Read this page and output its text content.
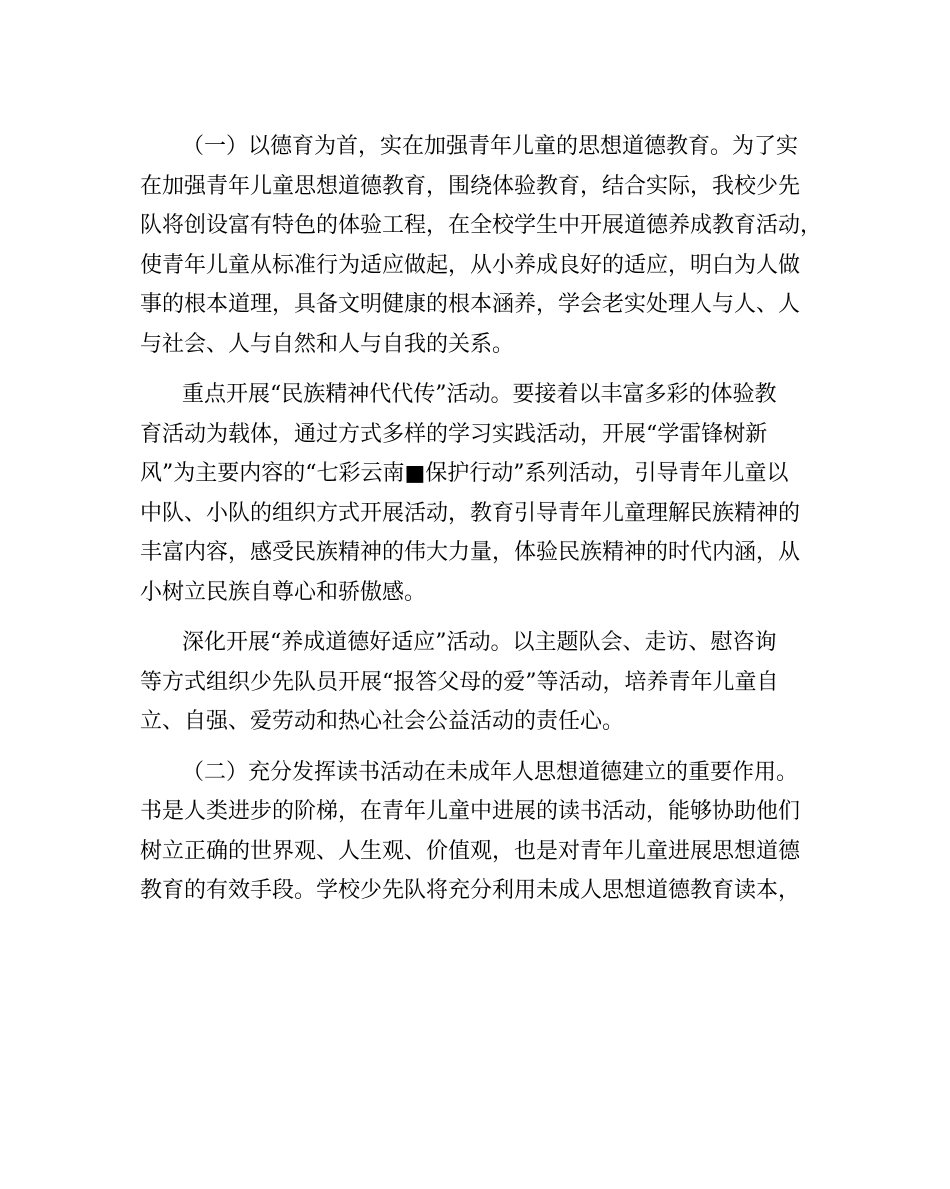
（一）以德育为首，实在加强青年儿童的思想道德教育。为了实
在加强青年儿童思想道德教育，围绕体验教育，结合实际，我校少先
队将创设富有特色的体验工程，在全校学生中开展道德养成教育活动，
使青年儿童从标准行为适应做起，从小养成良好的适应，明白为人做
事的根本道理，具备文明健康的根本涵养，学会老实处理人与人、人
与社会、人与自然和人与自我的关系。

重点开展“民族精神代代传”活动。要接着以丰富多彩的体验教
育活动为载体，通过方式多样的学习实践活动，开展“学雷锋树新
风”为主要内容的“七彩云南■保护行动”系列活动，引导青年儿童以
中队、小队的组织方式开展活动，教育引导青年儿童理解民族精神的
丰富内容，感受民族精神的伟大力量，体验民族精神的时代内涵，从
小树立民族自尊心和骄傲感。

深化开展“养成道德好适应”活动。以主题队会、走访、慰咨询
等方式组织少先队员开展“报答父母的爱”等活动，培养青年儿童自
立、自强、爱劳动和热心社会公益活动的责任心。

（二）充分发挥读书活动在未成年人思想道德建立的重要作用。
书是人类进步的阶梯，在青年儿童中进展的读书活动，能够协助他们
树立正确的世界观、人生观、价值观，也是对青年儿童进展思想道德
教育的有效手段。学校少先队将充分利用未成人思想道德教育读本，
